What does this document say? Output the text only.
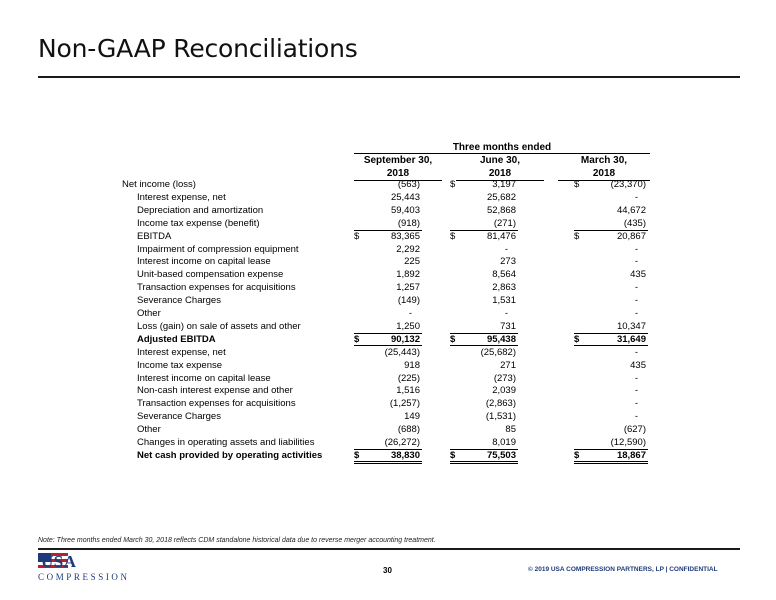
Non-GAAP Reconciliations
Three months ended
September 30,
2018
June 30,
2018
March 30,
2018
Net income (loss)	(563)	$	3,197	$	(23,370)
Interest expense, net	25,443	25,682	-
Depreciation and amortization	59,403	52,868	44,672
Income tax expense (benefit)	(918)	(271)	(435)
EBITDA	$	83,365	$	81,476	$	20,867
Impairment of compression equipment	2,292	-	-
Interest income on capital lease	225	273	-
Unit-based compensation expense	1,892	8,564	435
Transaction expenses for acquisitions	1,257	2,863	-
Severance Charges	(149)	1,531	-
Other	-	-	-
Loss (gain) on sale of assets and other	1,250	731	10,347
Adjusted EBITDA	$	90,132	$	95,438	$	31,649
Interest expense, net	(25,443)	(25,682)	-
Income tax expense	918	271	435
Interest income on capital lease	(225)	(273)	-
Non-cash interest expense and other	1,516	2,039	-
Transaction expenses for acquisitions	(1,257)	(2,863)	-
Severance Charges	149	(1,531)	-
Other	(688)	85	(627)
Changes in operating assets and liabilities	(26,272)	8,019	(12,590)
Net cash provided by operating activities	$	38,830	$	75,503	$	18,867
Note: Three months ended March 30, 2018 reflects CDM standalone historical data due to reverse merger accounting treatment.
USA
COMPRESSION
30	© 2019 USA COMPRESSION PARTNERS, LP | CONFIDENTIAL
